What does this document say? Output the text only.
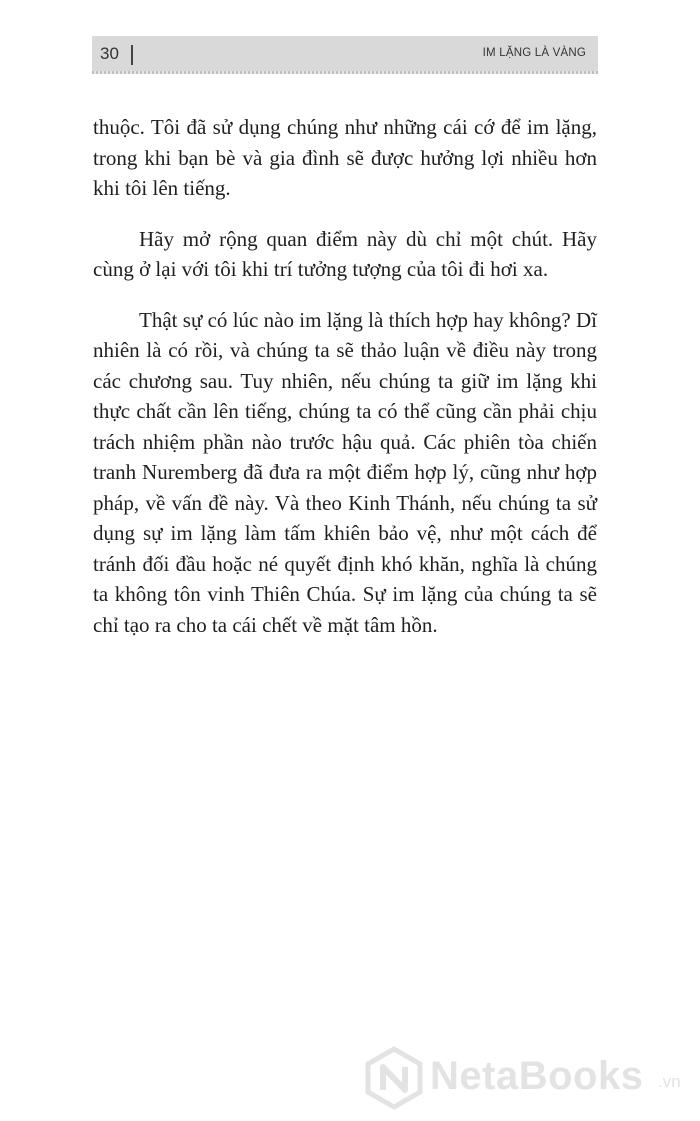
30	IM LẶNG LÀ VÀNG

thuộc. Tôi đã sử dụng chúng như những cái cớ để im lặng, trong khi bạn bè và gia đình sẽ được hưởng lợi nhiều hơn khi tôi lên tiếng.

Hãy mở rộng quan điểm này dù chỉ một chút. Hãy cùng ở lại với tôi khi trí tưởng tượng của tôi đi hơi xa.

Thật sự có lúc nào im lặng là thích hợp hay không? Dĩ nhiên là có rồi, và chúng ta sẽ thảo luận về điều này trong các chương sau. Tuy nhiên, nếu chúng ta giữ im lặng khi thực chất cần lên tiếng, chúng ta có thể cũng cần phải chịu trách nhiệm phần nào trước hậu quả. Các phiên tòa chiến tranh Nuremberg đã đưa ra một điểm hợp lý, cũng như hợp pháp, về vấn đề này. Và theo Kinh Thánh, nếu chúng ta sử dụng sự im lặng làm tấm khiên bảo vệ, như một cách để tránh đối đầu hoặc né quyết định khó khăn, nghĩa là chúng ta không tôn vinh Thiên Chúa. Sự im lặng của chúng ta sẽ chỉ tạo ra cho ta cái chết về mặt tâm hồn.

NetaBooks .vn
